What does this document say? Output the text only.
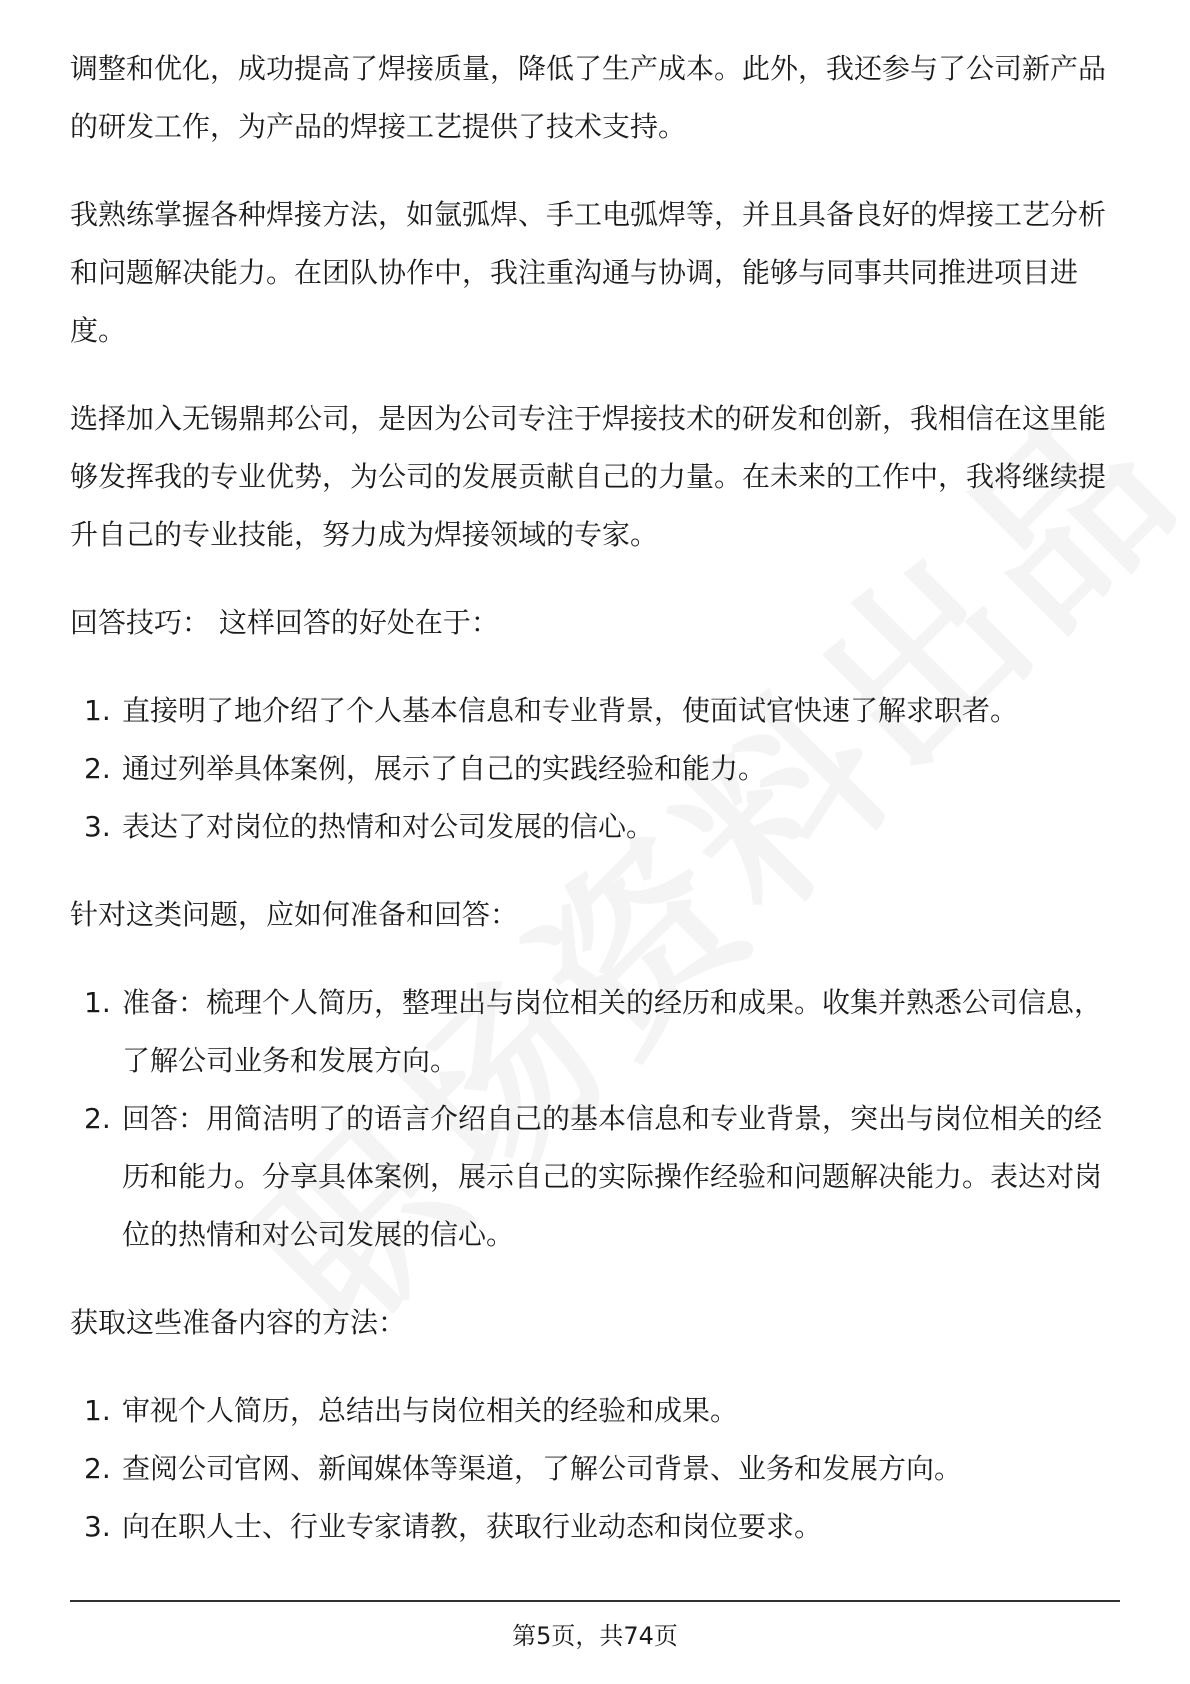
调整和优化，成功提高了焊接质量，降低了生产成本。此外，我还参与了公司新产品的研发工作，为产品的焊接工艺提供了技术支持。

我熟练掌握各种焊接方法，如氩弧焊、手工电弧焊等，并且具备良好的焊接工艺分析和问题解决能力。在团队协作中，我注重沟通与协调，能够与同事共同推进项目进度。

选择加入无锡鼎邦公司，是因为公司专注于焊接技术的研发和创新，我相信在这里能够发挥我的专业优势，为公司的发展贡献自己的力量。在未来的工作中，我将继续提升自己的专业技能，努力成为焊接领域的专家。

回答技巧： 这样回答的好处在于：

1. 直接明了地介绍了个人基本信息和专业背景，使面试官快速了解求职者。
2. 通过列举具体案例，展示了自己的实践经验和能力。
3. 表达了对岗位的热情和对公司发展的信心。

针对这类问题，应如何准备和回答：

1. 准备：梳理个人简历，整理出与岗位相关的经历和成果。收集并熟悉公司信息，了解公司业务和发展方向。
2. 回答：用简洁明了的语言介绍自己的基本信息和专业背景，突出与岗位相关的经历和能力。分享具体案例，展示自己的实际操作经验和问题解决能力。表达对岗位的热情和对公司发展的信心。

获取这些准备内容的方法：

1. 审视个人简历，总结出与岗位相关的经验和成果。
2. 查阅公司官网、新闻媒体等渠道，了解公司背景、业务和发展方向。
3. 向在职人士、行业专家请教，获取行业动态和岗位要求。
第5页，共74页
